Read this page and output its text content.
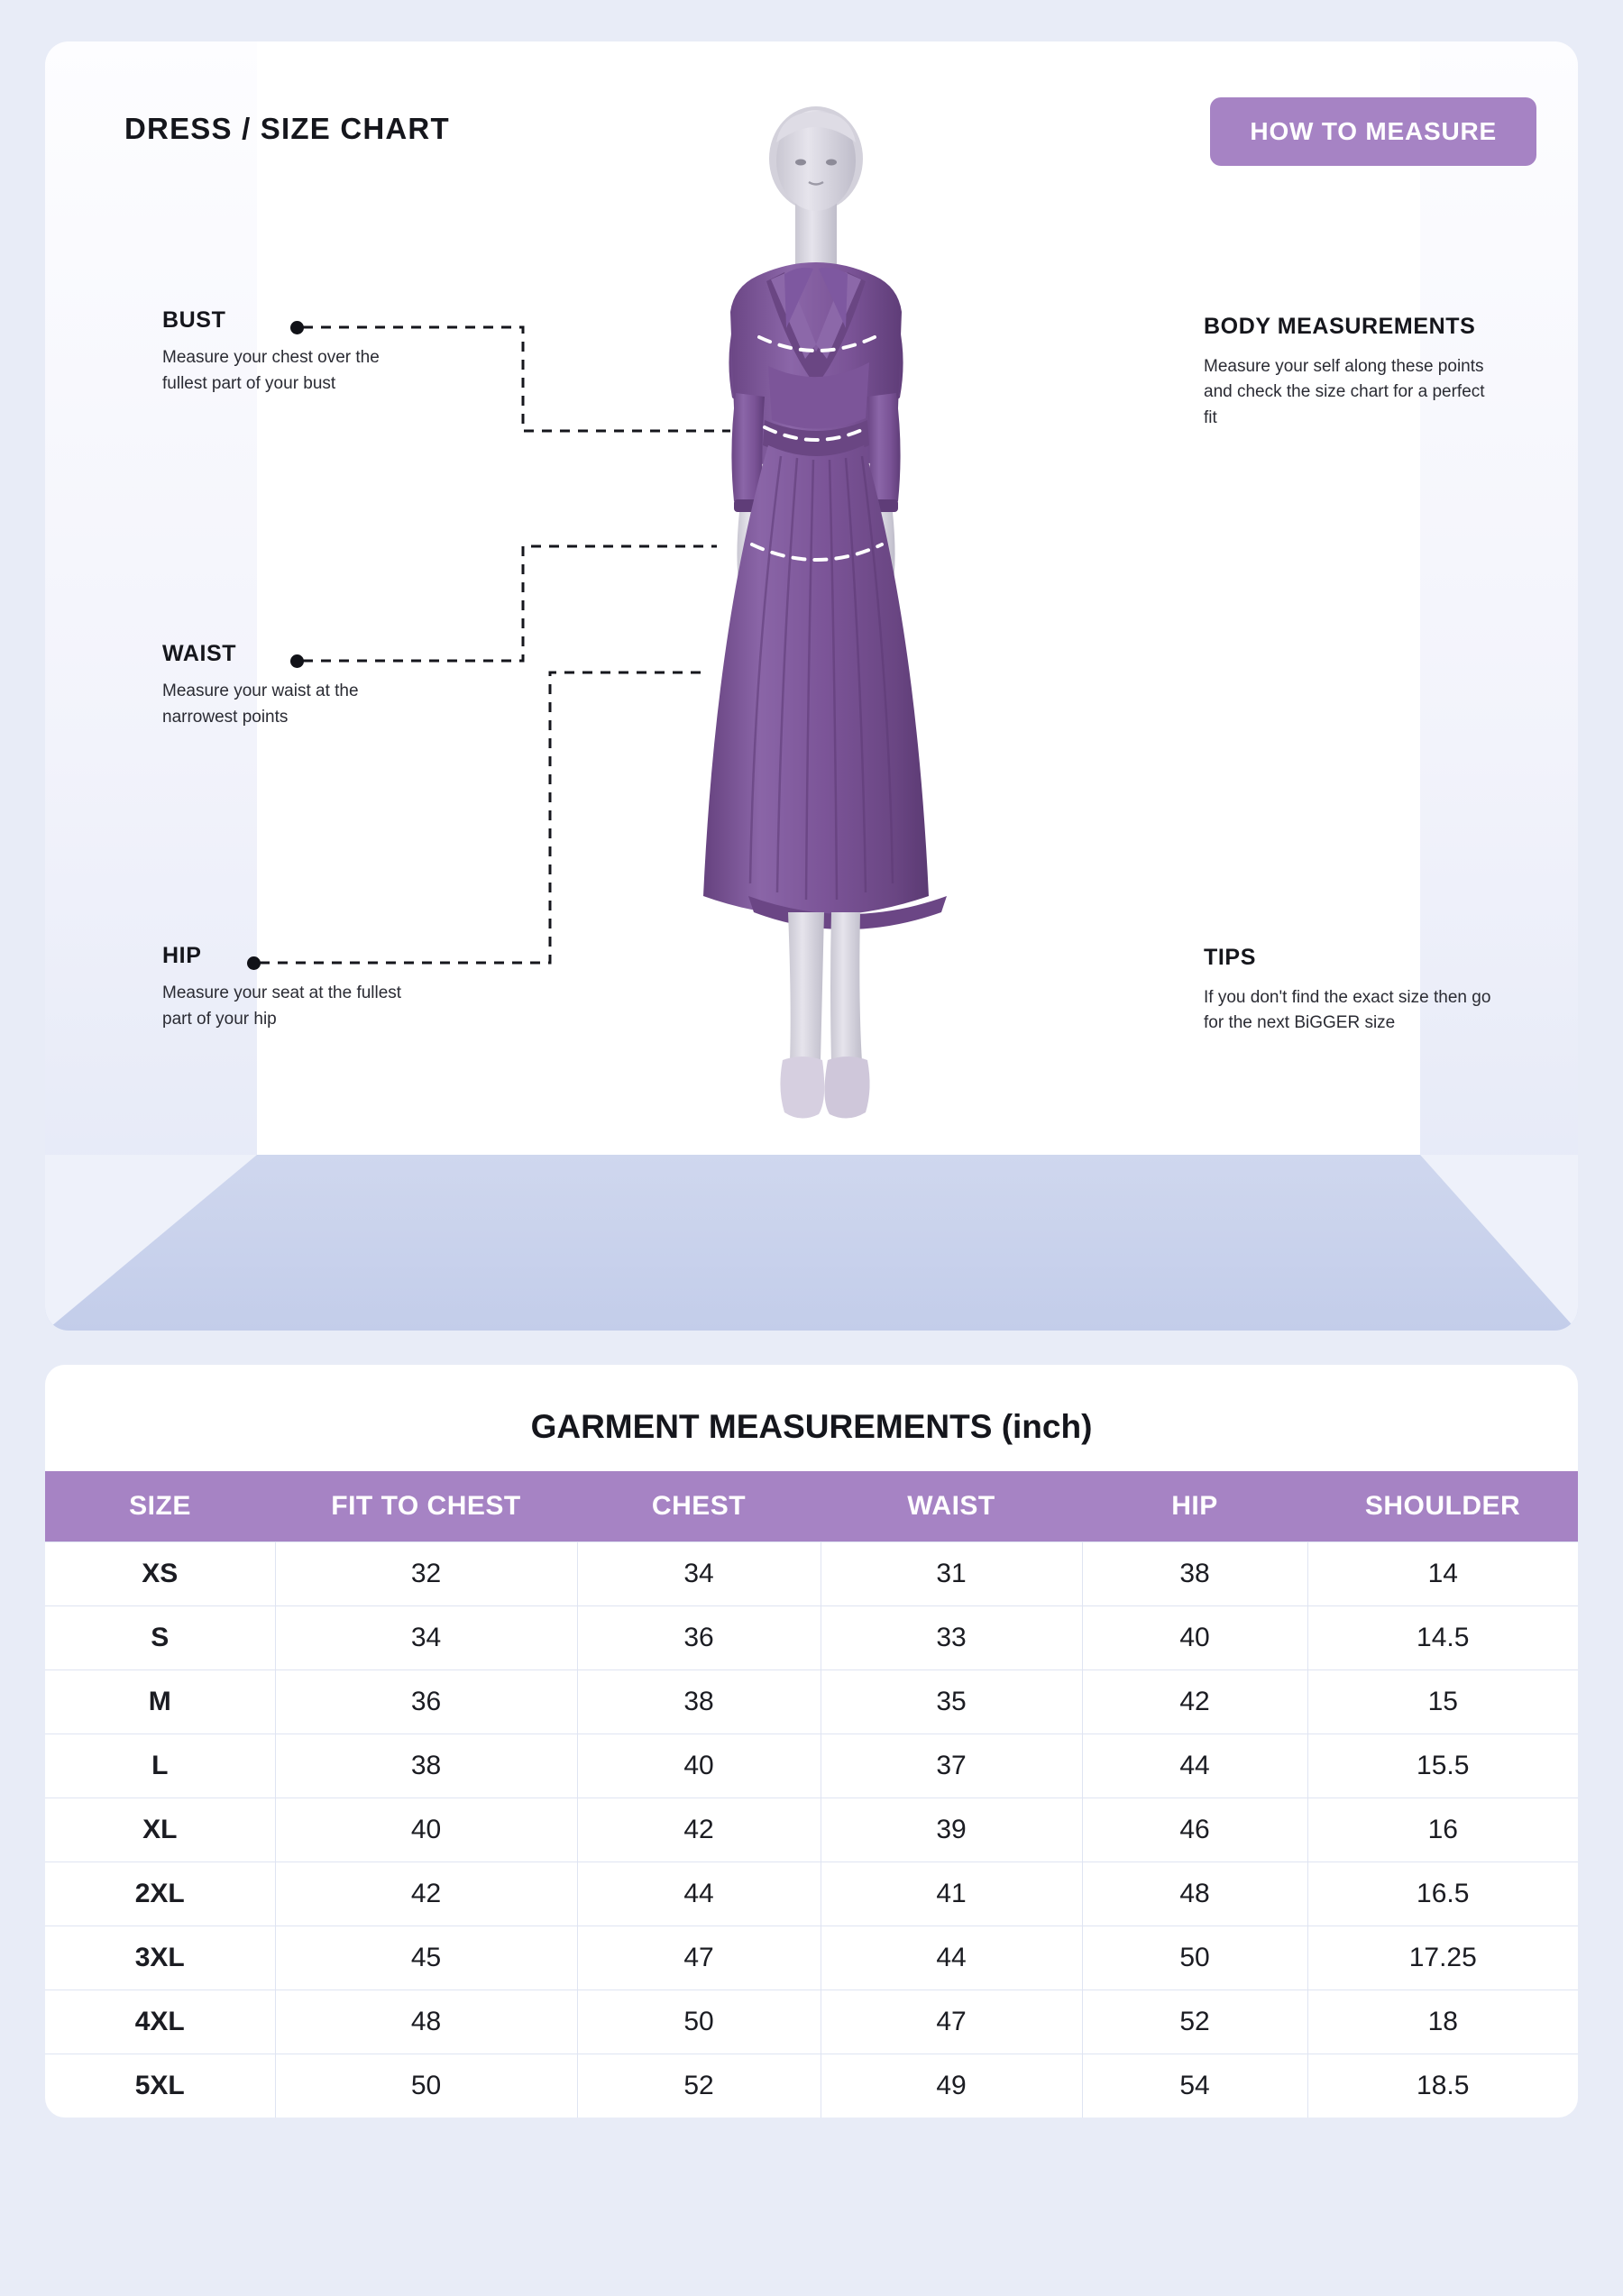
DRESS / SIZE CHART	HOW TO MEASURE
BUST
Measure your chest over the fullest part of your bust
WAIST
Measure your waist at the narrowest points
HIP
Measure your seat at the fullest part of your hip
BODY MEASUREMENTS
Measure your self along these points and check the size chart for a perfect fit
TIPS
If you don't find the exact size then go for the next BiGGER size
GARMENT MEASUREMENTS (inch)
SIZE	FIT TO CHEST	CHEST	WAIST	HIP	SHOULDER
XS	32	34	31	38	14
S	34	36	33	40	14.5
M	36	38	35	42	15
L	38	40	37	44	15.5
XL	40	42	39	46	16
2XL	42	44	41	48	16.5
3XL	45	47	44	50	17.25
4XL	48	50	47	52	18
5XL	50	52	49	54	18.5
